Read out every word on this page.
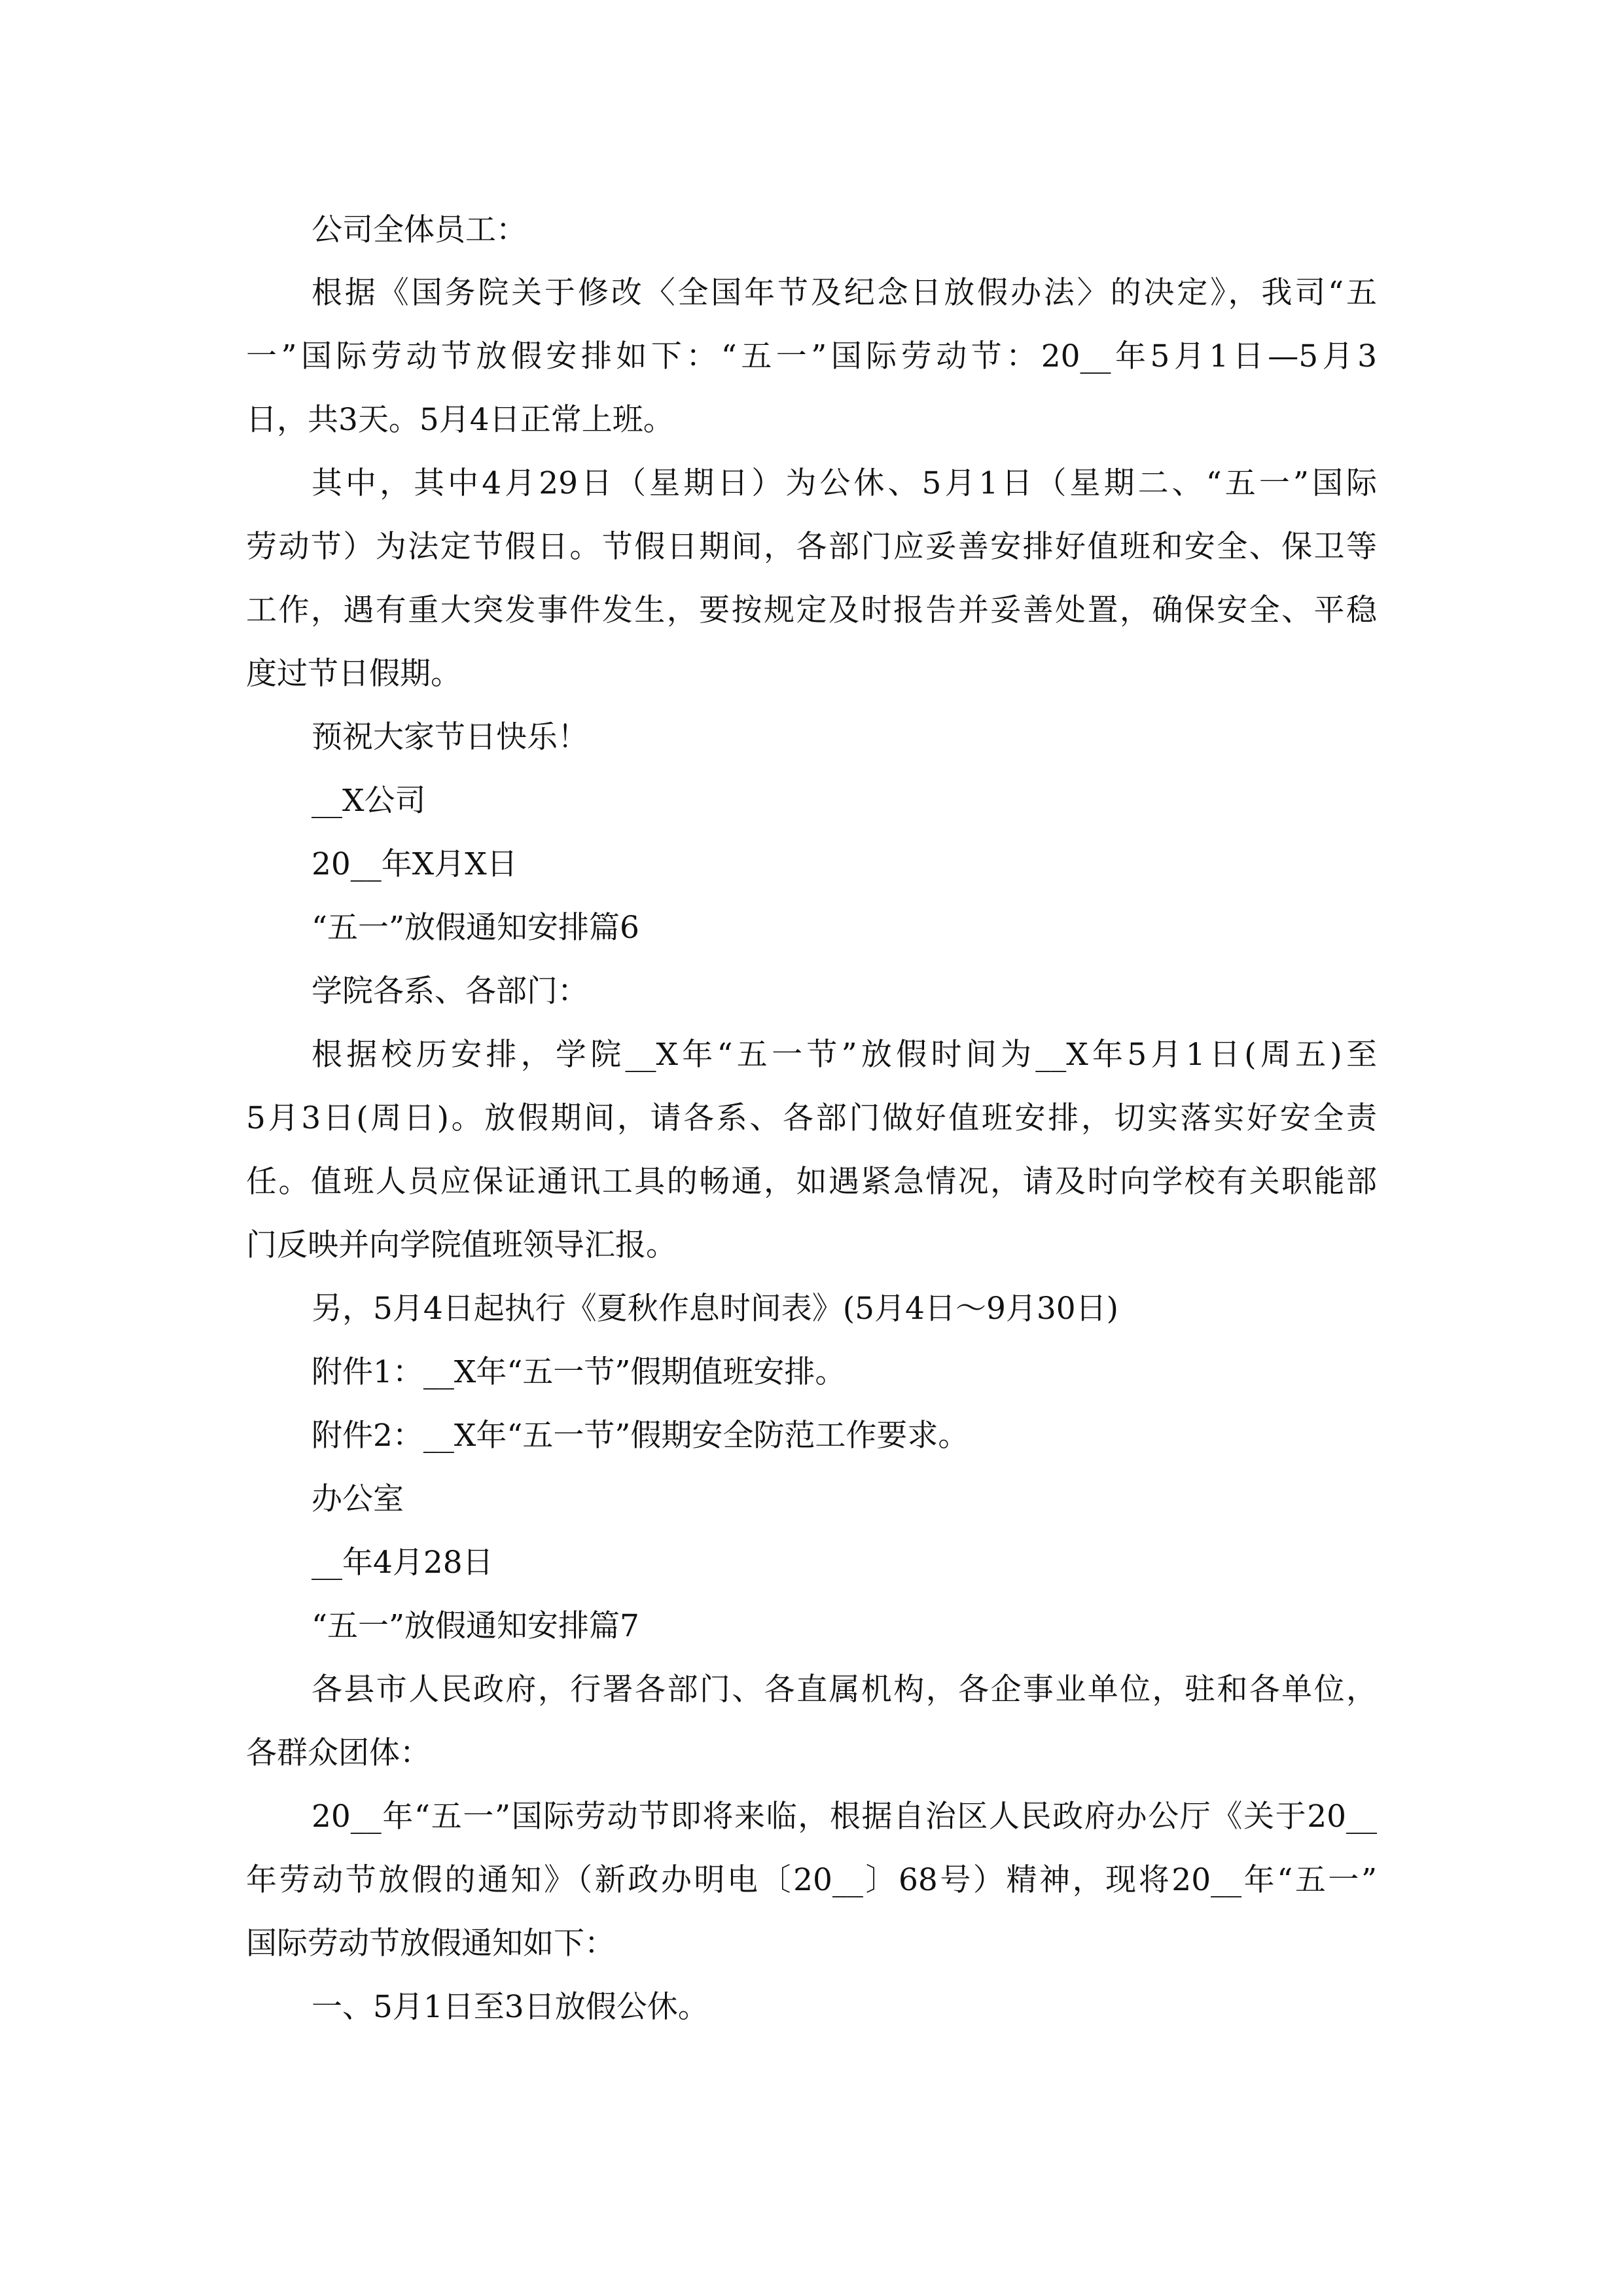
公司全体员工：

根据《国务院关于修改〈全国年节及纪念日放假办法〉的决定》，我司“五

一”国际劳动节放假安排如下：“五一”国际劳动节：20__年5月1日—5月3

日，共3天。5月4日正常上班。

其中，其中4月29日（星期日）为公休、5月1日（星期二、“五一”国际

劳动节）为法定节假日。节假日期间，各部门应妥善安排好值班和安全、保卫等

工作，遇有重大突发事件发生，要按规定及时报告并妥善处置，确保安全、平稳

度过节日假期。

预祝大家节日快乐！

__X公司

20__年X月X日

“五一”放假通知安排篇6

学院各系、各部门：

根据校历安排，学院__X年“五一节”放假时间为__X年5月1日(周五)至

5月3日(周日)。放假期间，请各系、各部门做好值班安排，切实落实好安全责

任。值班人员应保证通讯工具的畅通，如遇紧急情况，请及时向学校有关职能部

门反映并向学院值班领导汇报。

另，5月4日起执行《夏秋作息时间表》(5月4日～9月30日)

附件1：__X年“五一节”假期值班安排。

附件2：__X年“五一节”假期安全防范工作要求。

办公室

__年4月28日

“五一”放假通知安排篇7

各县市人民政府，行署各部门、各直属机构，各企事业单位，驻和各单位，

各群众团体：

20__年“五一”国际劳动节即将来临，根据自治区人民政府办公厅《关于20__

年劳动节放假的通知》（新政办明电〔20__〕68号）精神，现将20__年“五一”

国际劳动节放假通知如下：

一、5月1日至3日放假公休。
